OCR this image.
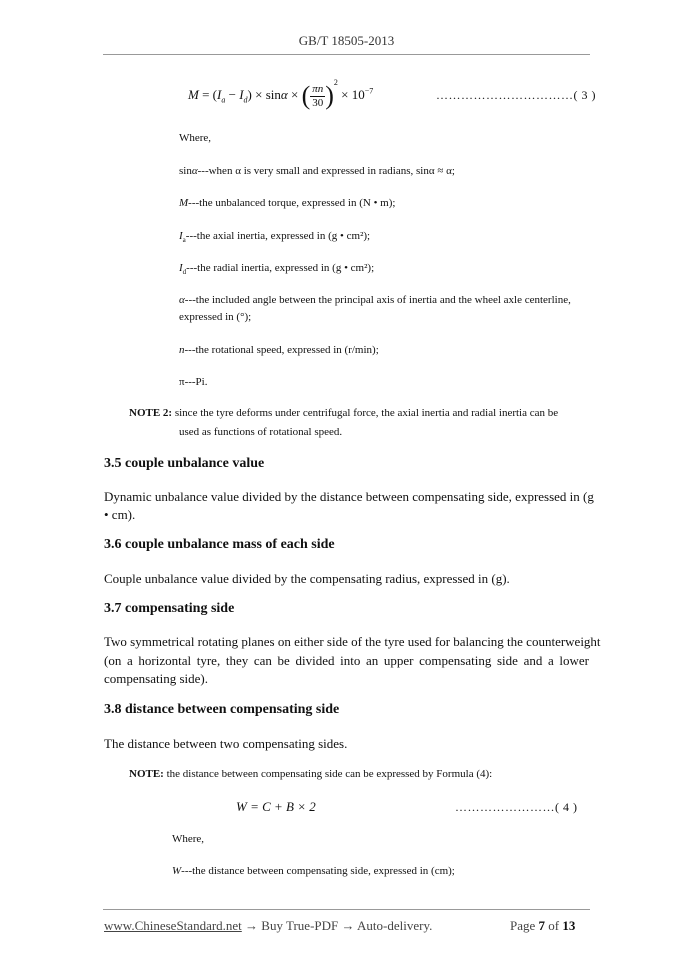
GB/T 18505-2013
$M = (I_a - I_d) \times \sin\alpha$ × ( $\frac{\pi n}{30} )^2 \times 10^{-7}$	……………………………( 3 )
Where,
sinα---when α is very small and expressed in radians, sinα ≈ α;
M---the unbalanced torque, expressed in (N • m);
$I_a--$-the axial inertia, expressed in (g • cm²);
$I_d--$-the radial inertia, expressed in (g • cm²);
α---the included angle between the principal axis of inertia and the wheel axle centerline,
expressed in (°);
n---the rotational speed, expressed in (r/min);
π---Pi.
NOTE 2: since the tyre deforms under centrifugal force, the axial inertia and radial inertia can be
used as functions of rotational speed.
3.5 couple unbalance value
Dynamic unbalance value divided by the distance between compensating side, expressed in (g
• cm).
3.6 couple unbalance mass of each side
Couple unbalance value divided by the compensating radius, expressed in (g).
3.7 compensating side
Two symmetrical rotating planes on either side of the tyre used for balancing the counterweight
(on a horizontal tyre, they can be divided into an upper compensating side and a lower
compensating side).
3.8 distance between compensating side
The distance between two compensating sides.
NOTE: the distance between compensating side can be expressed by Formula (4):
W = C + B × 2	……………………( 4 )
Where,
W---the distance between compensating side, expressed in (cm);
www.ChineseStandard.net → Buy True-PDF → Auto-delivery.	Page 7 of 13
